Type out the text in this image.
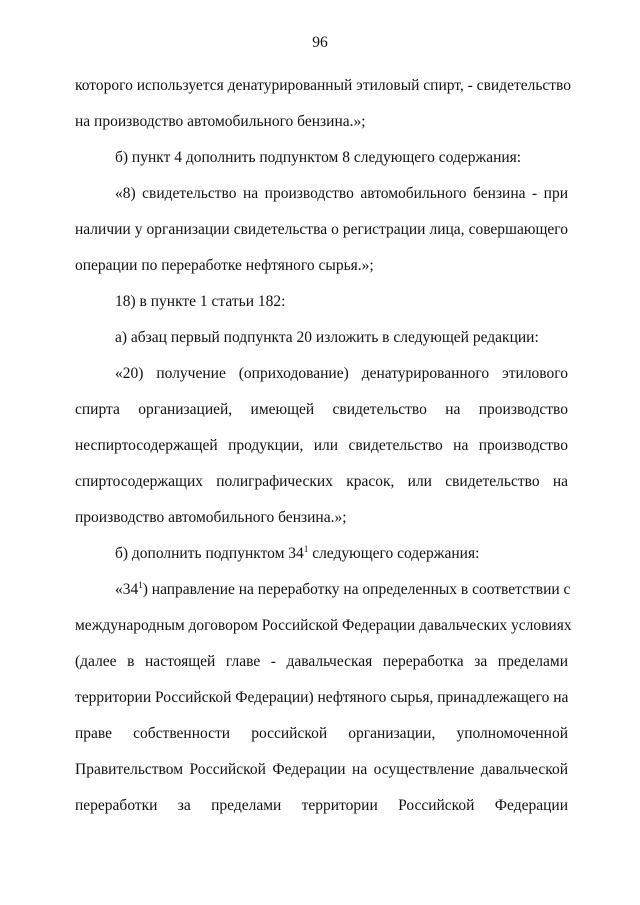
96
которого используется денатурированный этиловый спирт, - свидетельство
на производство автомобильного бензина.»;
б) пункт 4 дополнить подпунктом 8 следующего содержания:
«8) свидетельство на производство автомобильного бензина - при
наличии у организации свидетельства о регистрации лица, совершающего
операции по переработке нефтяного сырья.»;
18) в пункте 1 статьи 182:
а) абзац первый подпункта 20 изложить в следующей редакции:
«20) получение (оприходование) денатурированного этилового
спирта организацией, имеющей свидетельство на производство
неспиртосодержащей продукции, или свидетельство на производство
спиртосодержащих полиграфических красок, или свидетельство на
производство автомобильного бензина.»;
б) дополнить подпунктом $34^1$ следующего содержания:
«$34^1$) направление на переработку на определенных в соответствии с
международным договором Российской Федерации давальческих условиях
(далее в настоящей главе - давальческая переработка за пределами
территории Российской Федерации) нефтяного сырья, принадлежащего на
праве собственности российской организации, уполномоченной
Правительством Российской Федерации на осуществление давальческой
переработки за пределами территории Российской Федерации
